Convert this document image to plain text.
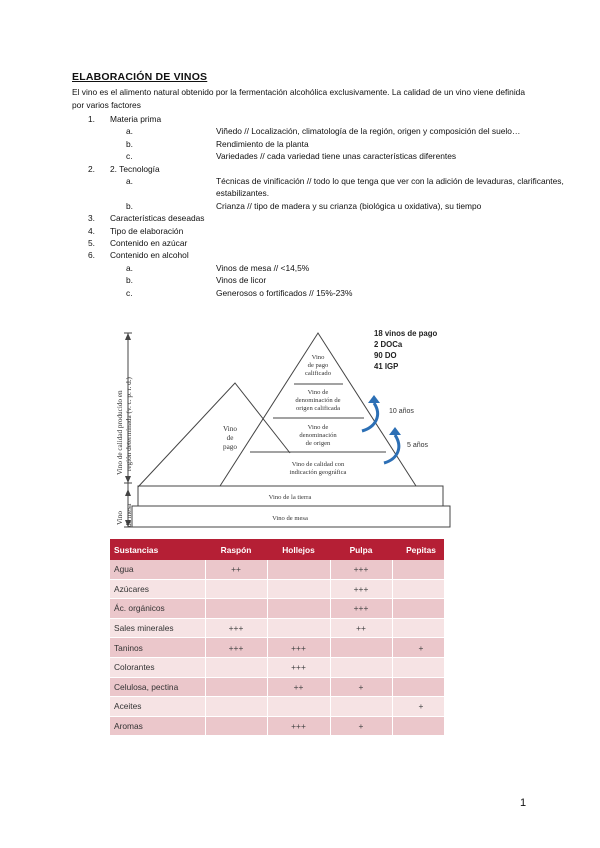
ELABORACIÓN DE VINOS
El vino es el alimento natural obtenido por la fermentación alcohólica exclusivamente. La calidad de un vino viene definida por varios factores
1. Materia prima
a.	Viñedo // Localización, climatología de la región, origen y composición del suelo…
b.	Rendimiento de la planta
c.	Variedades // cada variedad tiene unas características diferentes
2. 2. Tecnología
a.	Técnicas de vinificación // todo lo que tenga que ver con la adición de levaduras, clarificantes, estabilizantes.
b.	Crianza // tipo de madera y su crianza (biológica u oxidativa), su tiempo
3. Características deseadas
4. Tipo de elaboración
5. Contenido en azúcar
6. Contenido en alcohol
a.	Vinos de mesa // <14,5%
b.	Vinos de licor
c.	Generosos o fortificados // 15%-23%
Vino de calidad producido en región determinada (v. c. p. r. d.)
Vino de mesa
Vino
de
pago
Vino
de pago
calificado
Vino de
denominación de
origen calificada
Vino de
denominación
de origen
Vino de calidad con
indicación geográfica
Vino de la tierra
Vino de mesa
18 vinos de pago
2 DOCa
90 DO
41 IGP
10 años
5 años
Sustancias	Raspón	Hollejos	Pulpa	Pepitas
Agua	++		+++	
Azúcares			+++	
Ác. orgánicos			+++	
Sales minerales	+++		++	
Taninos	+++	+++		+
Colorantes		+++		
Celulosa, pectina		++	+	
Aceites				+
Aromas		+++	+	
1
